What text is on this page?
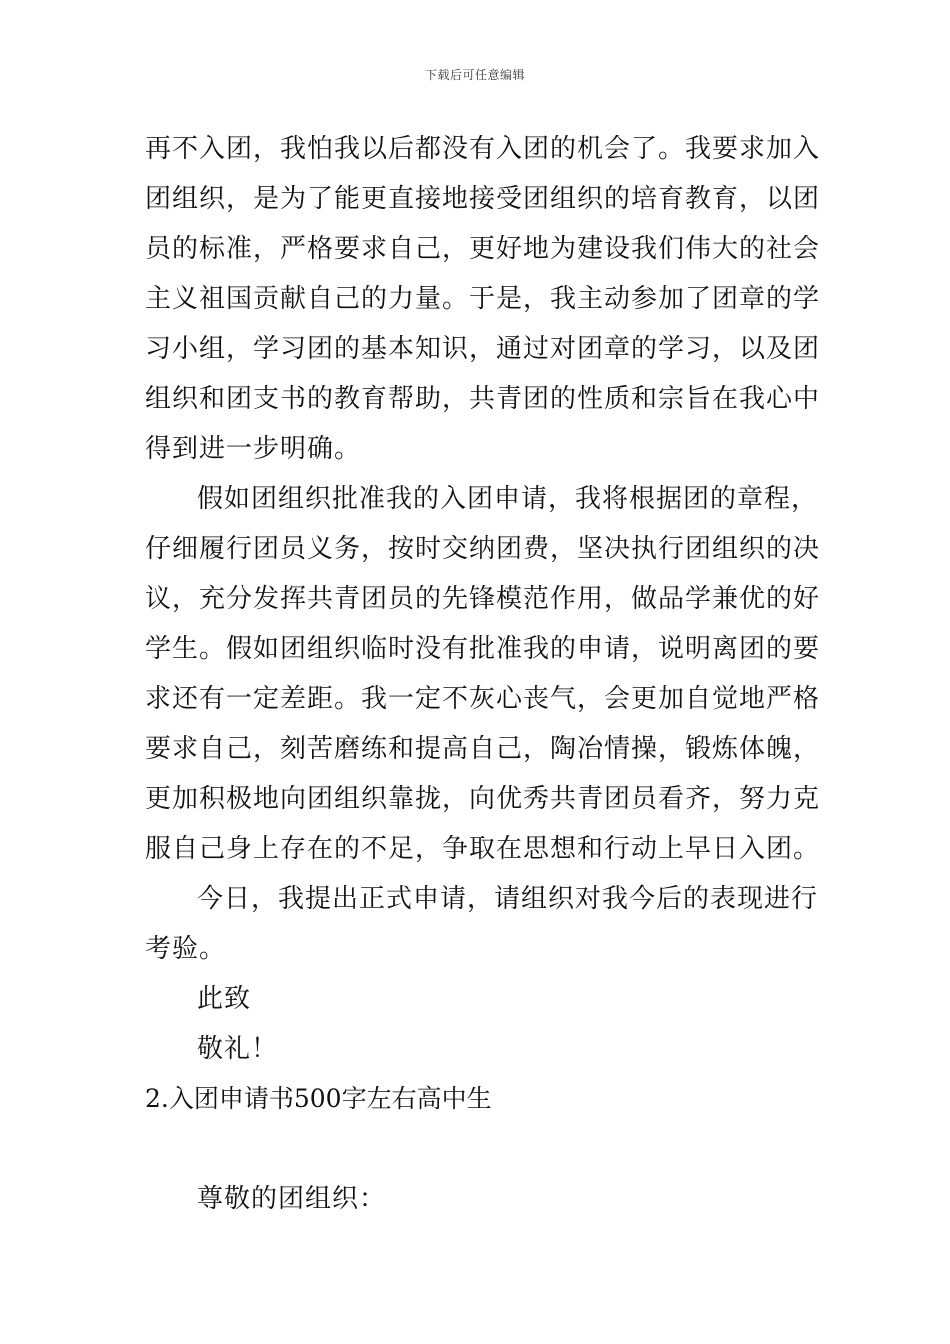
下载后可任意编辑
再不入团，我怕我以后都没有入团的机会了。我要求加入
团组织，是为了能更直接地接受团组织的培育教育，以团
员的标准，严格要求自己，更好地为建设我们伟大的社会
主义祖国贡献自己的力量。于是，我主动参加了团章的学
习小组，学习团的基本知识，通过对团章的学习，以及团
组织和团支书的教育帮助，共青团的性质和宗旨在我心中
得到进一步明确。
假如团组织批准我的入团申请，我将根据团的章程，
仔细履行团员义务，按时交纳团费，坚决执行团组织的决
议，充分发挥共青团员的先锋模范作用，做品学兼优的好
学生。假如团组织临时没有批准我的申请，说明离团的要
求还有一定差距。我一定不灰心丧气，会更加自觉地严格
要求自己，刻苦磨练和提高自己，陶冶情操，锻炼体魄，
更加积极地向团组织靠拢，向优秀共青团员看齐，努力克
服自己身上存在的不足，争取在思想和行动上早日入团。
今日，我提出正式申请，请组织对我今后的表现进行
考验。
此致
敬礼！
2.入团申请书500字左右高中生
尊敬的团组织：
